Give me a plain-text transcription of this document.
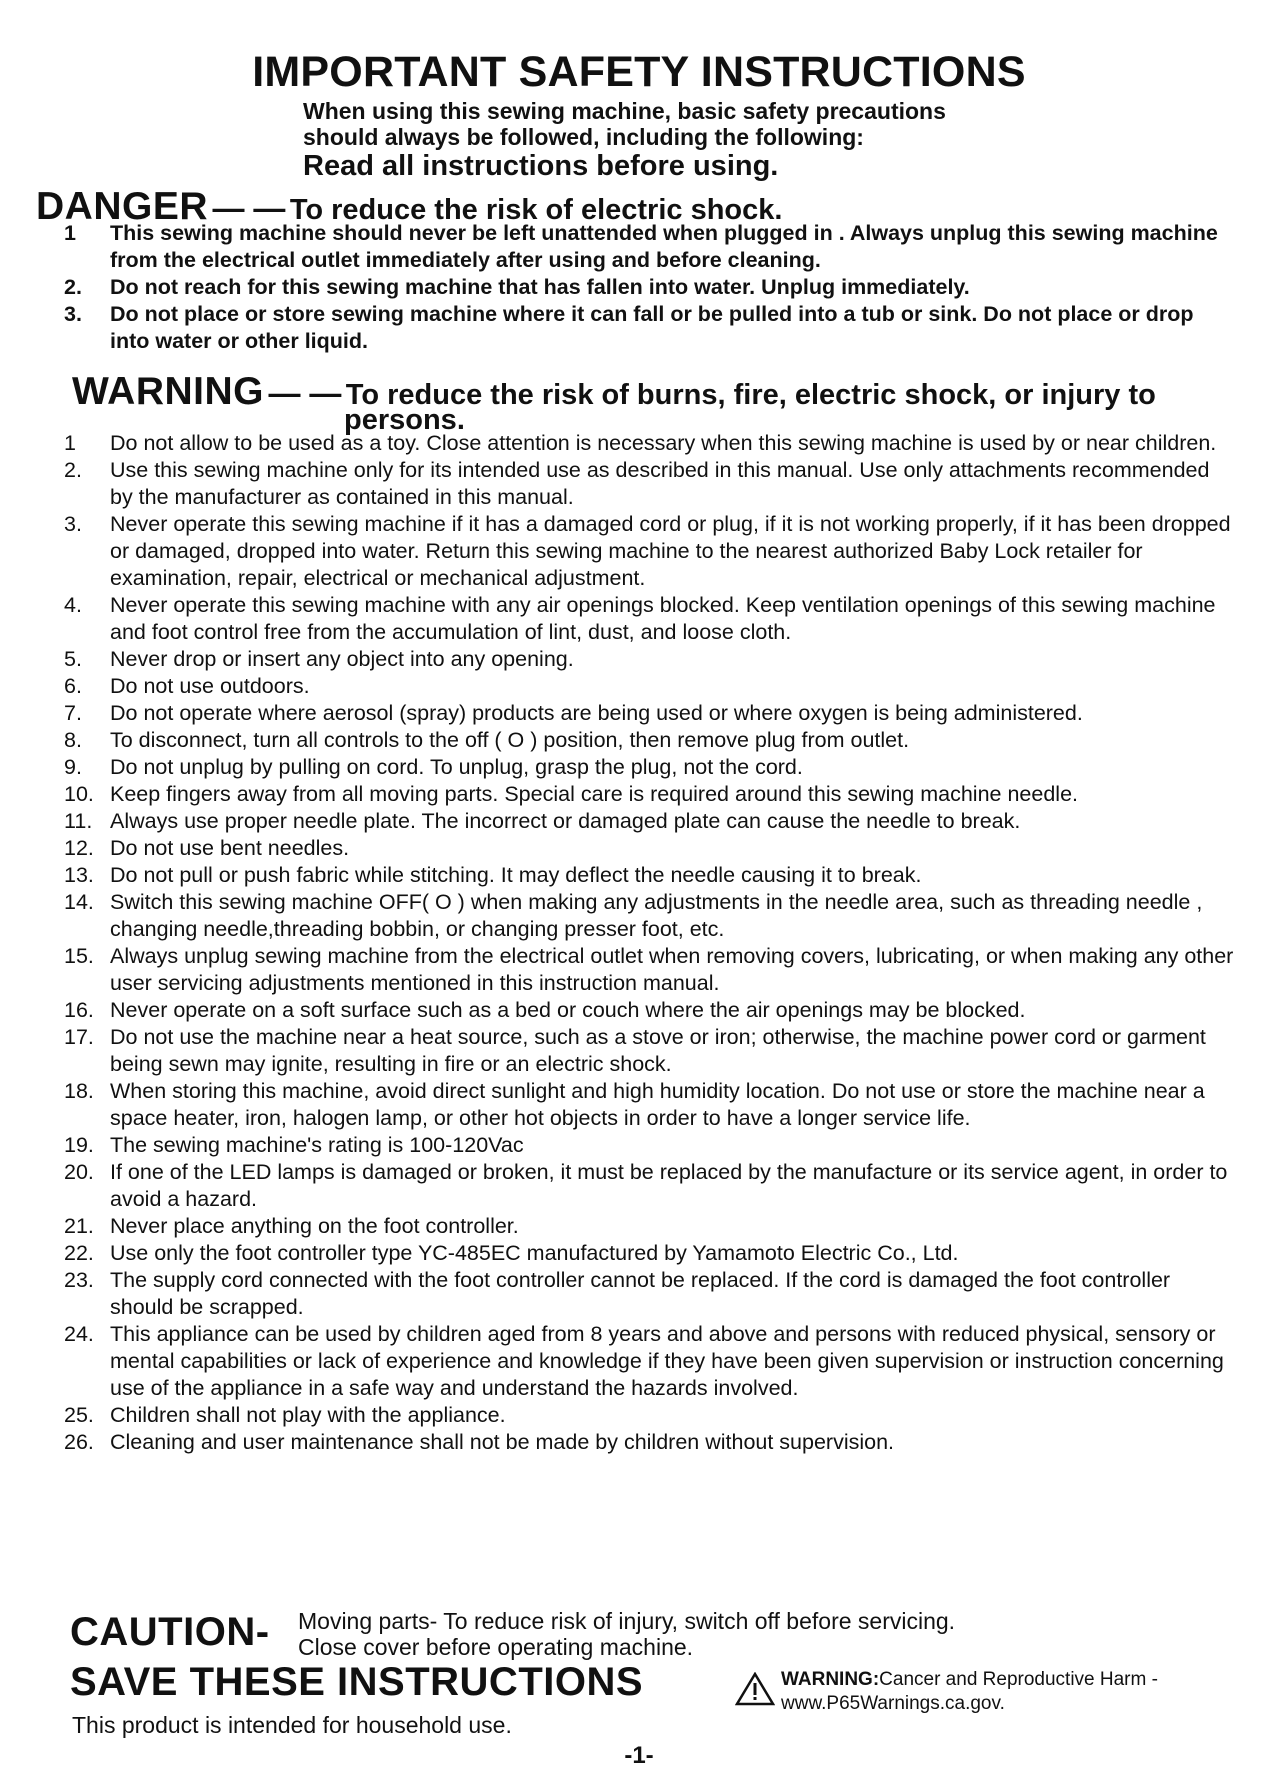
IMPORTANT SAFETY INSTRUCTIONS
When using this sewing machine, basic safety precautions
should always be followed, including the following:
Read all instructions before using.
DANGER — — To reduce the risk of electric shock.
1	This sewing machine should never be left unattended when plugged in . Always unplug this sewing machine from the electrical outlet immediately after using and before cleaning.
2.	Do not reach for this sewing machine that has fallen into water. Unplug immediately.
3.	Do not place or store sewing machine where it can fall or be pulled into a tub or sink. Do not place or drop into water or other liquid.
WARNING — — To reduce the risk of burns, fire, electric shock, or injury to
persons.
1	Do not allow to be used as a toy. Close attention is necessary when this sewing machine is used by or near children.
2.	Use this sewing machine only for its intended use as described in this manual. Use only attachments recommended by the manufacturer as contained in this manual.
3.	Never operate this sewing machine if it has a damaged cord or plug, if it is not working properly, if it has been dropped or damaged, dropped into water. Return this sewing machine to the nearest authorized Baby Lock retailer for examination, repair, electrical or mechanical adjustment.
4.	Never operate this sewing machine with any air openings blocked. Keep ventilation openings of this sewing machine and foot control free from the accumulation of lint, dust, and loose cloth.
5.	Never drop or insert any object into any opening.
6.	Do not use outdoors.
7.	Do not operate where aerosol (spray) products are being used or where oxygen is being administered.
8.	To disconnect, turn all controls to the off ( O ) position, then remove plug from outlet.
9.	Do not unplug by pulling on cord. To unplug, grasp the plug, not the cord.
10. Keep fingers away from all moving parts. Special care is required around this sewing machine needle.
11. Always use proper needle plate. The incorrect or damaged plate can cause the needle to break.
12. Do not use bent needles.
13. Do not pull or push fabric while stitching. It may deflect the needle causing it to break.
14. Switch this sewing machine OFF( O ) when making any adjustments in the needle area, such as threading needle , changing needle,threading bobbin, or changing presser foot, etc.
15. Always unplug sewing machine from the electrical outlet when removing covers, lubricating, or when making any other user servicing adjustments mentioned in this instruction manual.
16. Never operate on a soft surface such as a bed or couch where the air openings may be blocked.
17. Do not use the machine near a heat source, such as a stove or iron; otherwise, the machine power cord or garment being sewn may ignite, resulting in fire or an electric shock.
18. When storing this machine, avoid direct sunlight and high humidity location. Do not use or store the machine near a space heater, iron, halogen lamp, or other hot objects in order to have a longer service life.
19. The sewing machine's rating is 100-120Vac
20. If one of the LED lamps is damaged or broken, it must be replaced by the manufacture or its service agent, in order to avoid a hazard.
21. Never place anything on the foot controller.
22. Use only the foot controller type YC-485EC manufactured by Yamamoto Electric Co., Ltd.
23. The supply cord connected with the foot controller cannot be replaced. If the cord is damaged the foot controller should be scrapped.
24. This appliance can be used by children aged from 8 years and above and persons with reduced physical, sensory or mental capabilities or lack of experience and knowledge if they have been given supervision or instruction concerning use of the appliance in a safe way and understand the hazards involved.
25. Children shall not play with the appliance.
26. Cleaning and user maintenance shall not be made by children without supervision.
CAUTION- Moving parts- To reduce risk of injury, switch off before servicing.
Close cover before operating machine.
SAVE THESE INSTRUCTIONS
This product is intended for household use.
WARNING:Cancer and Reproductive Harm -
www.P65Warnings.ca.gov.
-1-
